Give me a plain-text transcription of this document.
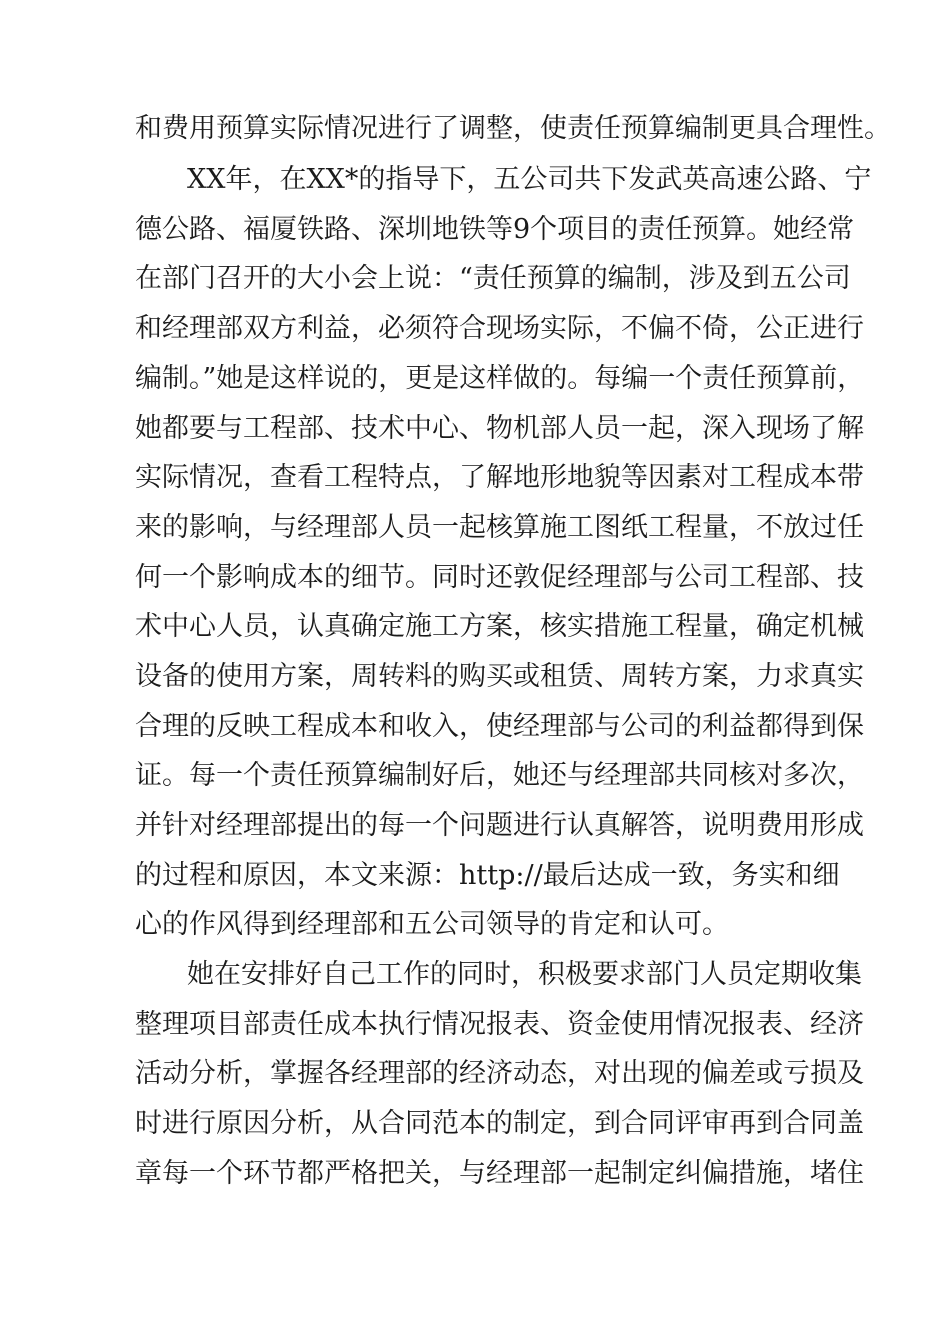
和费用预算实际情况进行了调整，使责任预算编制更具合理性。
XX年，在XX*的指导下，五公司共下发武英高速公路、宁
德公路、福厦铁路、深圳地铁等9个项目的责任预算。她经常
在部门召开的大小会上说：“责任预算的编制，涉及到五公司
和经理部双方利益，必须符合现场实际，不偏不倚，公正进行
编制。”她是这样说的，更是这样做的。每编一个责任预算前，
她都要与工程部、技术中心、物机部人员一起，深入现场了解
实际情况，查看工程特点，了解地形地貌等因素对工程成本带
来的影响，与经理部人员一起核算施工图纸工程量，不放过任
何一个影响成本的细节。同时还敦促经理部与公司工程部、技
术中心人员，认真确定施工方案，核实措施工程量，确定机械
设备的使用方案，周转料的购买或租赁、周转方案，力求真实
合理的反映工程成本和收入，使经理部与公司的利益都得到保
证。每一个责任预算编制好后，她还与经理部共同核对多次，
并针对经理部提出的每一个问题进行认真解答，说明费用形成
的过程和原因，本文来源：http://最后达成一致，务实和细
心的作风得到经理部和五公司领导的肯定和认可。
她在安排好自己工作的同时，积极要求部门人员定期收集
整理项目部责任成本执行情况报表、资金使用情况报表、经济
活动分析，掌握各经理部的经济动态，对出现的偏差或亏损及
时进行原因分析，从合同范本的制定，到合同评审再到合同盖
章每一个环节都严格把关，与经理部一起制定纠偏措施，堵住
